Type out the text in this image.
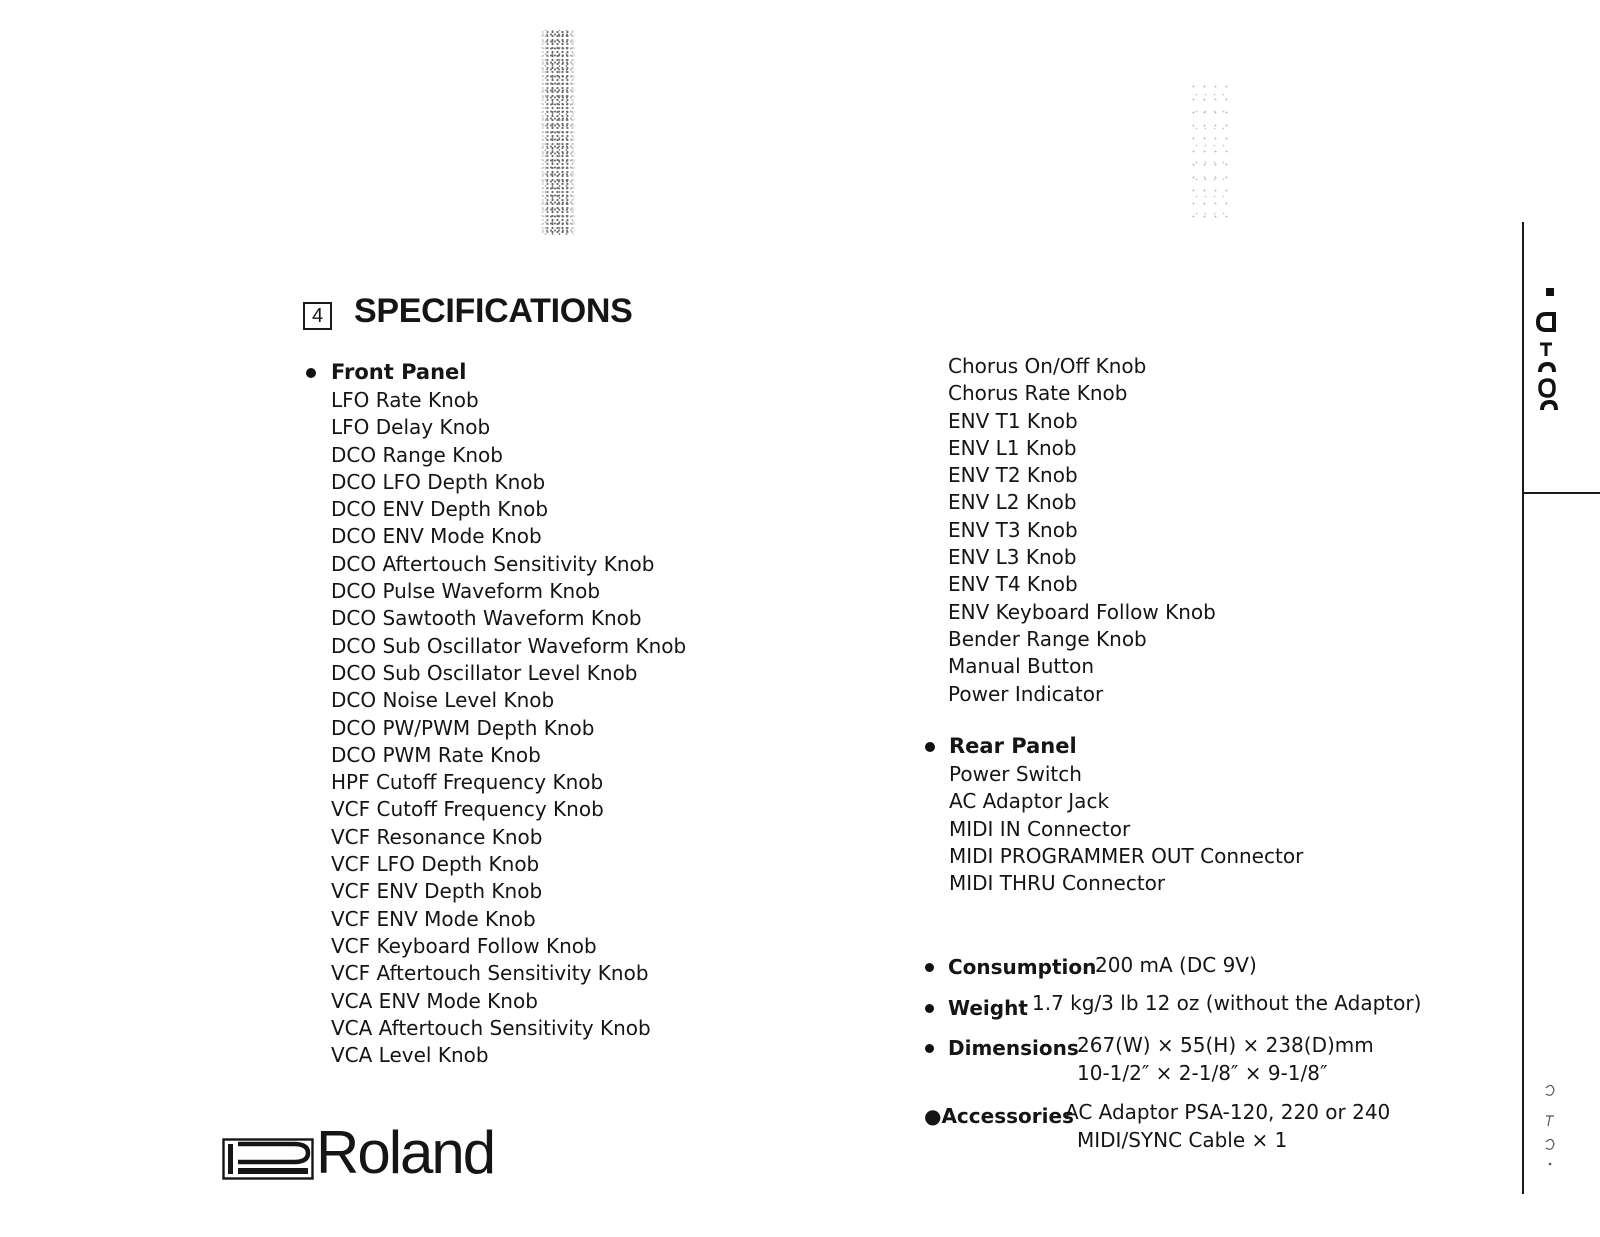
4 SPECIFICATIONS
Front Panel
LFO Rate Knob
LFO Delay Knob
DCO Range Knob
DCO LFO Depth Knob
DCO ENV Depth Knob
DCO ENV Mode Knob
DCO Aftertouch Sensitivity Knob
DCO Pulse Waveform Knob
DCO Sawtooth Waveform Knob
DCO Sub Oscillator Waveform Knob
DCO Sub Oscillator Level Knob
DCO Noise Level Knob
DCO PW/PWM Depth Knob
DCO PWM Rate Knob
HPF Cutoff Frequency Knob
VCF Cutoff Frequency Knob
VCF Resonance Knob
VCF LFO Depth Knob
VCF ENV Depth Knob
VCF ENV Mode Knob
VCF Keyboard Follow Knob
VCF Aftertouch Sensitivity Knob
VCA ENV Mode Knob
VCA Aftertouch Sensitivity Knob
VCA Level Knob
Chorus On/Off Knob
Chorus Rate Knob
ENV T1 Knob
ENV L1 Knob
ENV T2 Knob
ENV L2 Knob
ENV T3 Knob
ENV L3 Knob
ENV T4 Knob
ENV Keyboard Follow Knob
Bender Range Knob
Manual Button
Power Indicator
Rear Panel
Power Switch
AC Adaptor Jack
MIDI IN Connector
MIDI PROGRAMMER OUT Connector
MIDI THRU Connector
Consumption
200 mA (DC 9V)
Weight 1.7 kg/3 lb 12 oz (without the Adaptor)
Dimensions
267(W) × 55(H) × 238(D)mm
10-1/2″ × 2-1/8″ × 9-1/8″
●Accessories
AC Adaptor PSA-120, 220 or 240
MIDI/SYNC Cable × 1
Roland
